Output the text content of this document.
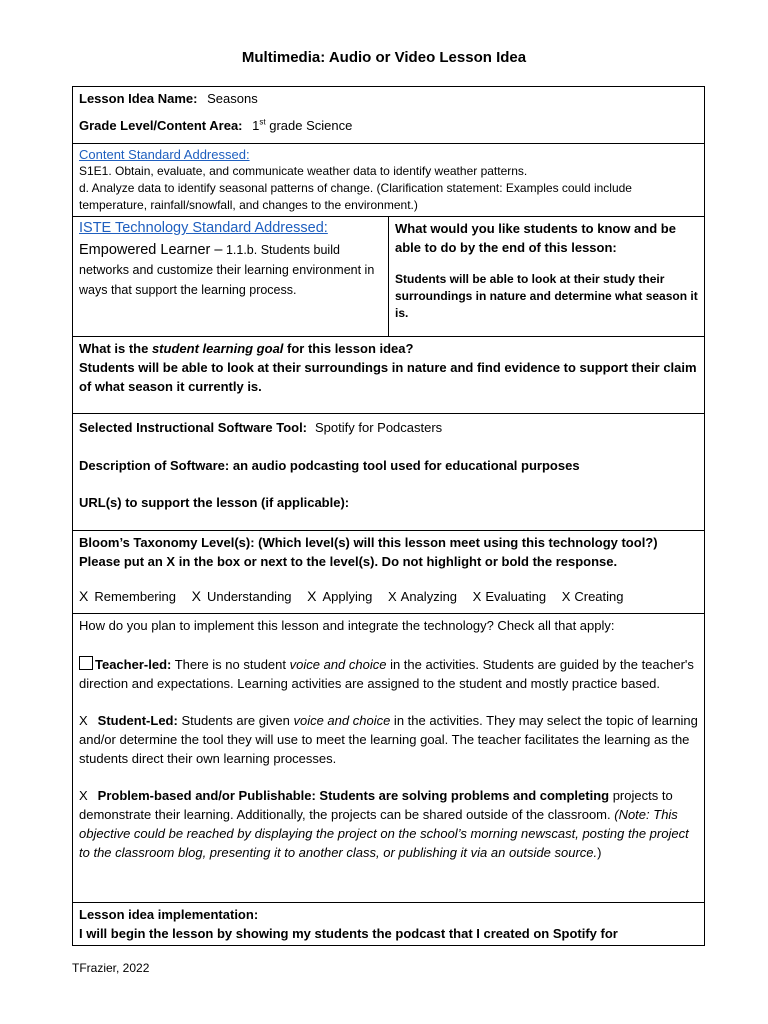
Multimedia: Audio or Video Lesson Idea
Lesson Idea Name: Seasons
Grade Level/Content Area: 1st grade Science

Content Standard Addressed:
S1E1. Obtain, evaluate, and communicate weather data to identify weather patterns.
d. Analyze data to identify seasonal patterns of change. (Clarification statement: Examples could include temperature, rainfall/snowfall, and changes to the environment.)

ISTE Technology Standard Addressed:
Empowered Learner – 1.1.b. Students build networks and customize their learning environment in ways that support the learning process.

What would you like students to know and be able to do by the end of this lesson:
Students will be able to look at their study their surroundings in nature and determine what season it is.

What is the student learning goal for this lesson idea?
Students will be able to look at their surroundings in nature and find evidence to support their claim of what season it currently is.

Selected Instructional Software Tool: Spotify for Podcasters
Description of Software: an audio podcasting tool used for educational purposes
URL(s) to support the lesson (if applicable):

Bloom’s Taxonomy Level(s): (Which level(s) will this lesson meet using this technology tool?) Please put an X in the box or next to the level(s). Do not highlight or bold the response.
X Remembering X Understanding X Applying X Analyzing X Evaluating X Creating

How do you plan to implement this lesson and integrate the technology? Check all that apply:
Teacher-led: There is no student voice and choice in the activities. Students are guided by the teacher's direction and expectations. Learning activities are assigned to the student and mostly practice based.
X Student-Led: Students are given voice and choice in the activities. They may select the topic of learning and/or determine the tool they will use to meet the learning goal. The teacher facilitates the learning as the students direct their own learning processes.
X Problem-based and/or Publishable: Students are solving problems and completing projects to demonstrate their learning. Additionally, the projects can be shared outside of the classroom. (Note: This objective could be reached by displaying the project on the school’s morning newscast, posting the project to the classroom blog, presenting it to another class, or publishing it via an outside source.)

Lesson idea implementation:
I will begin the lesson by showing my students the podcast that I created on Spotify for
TFrazier, 2022
